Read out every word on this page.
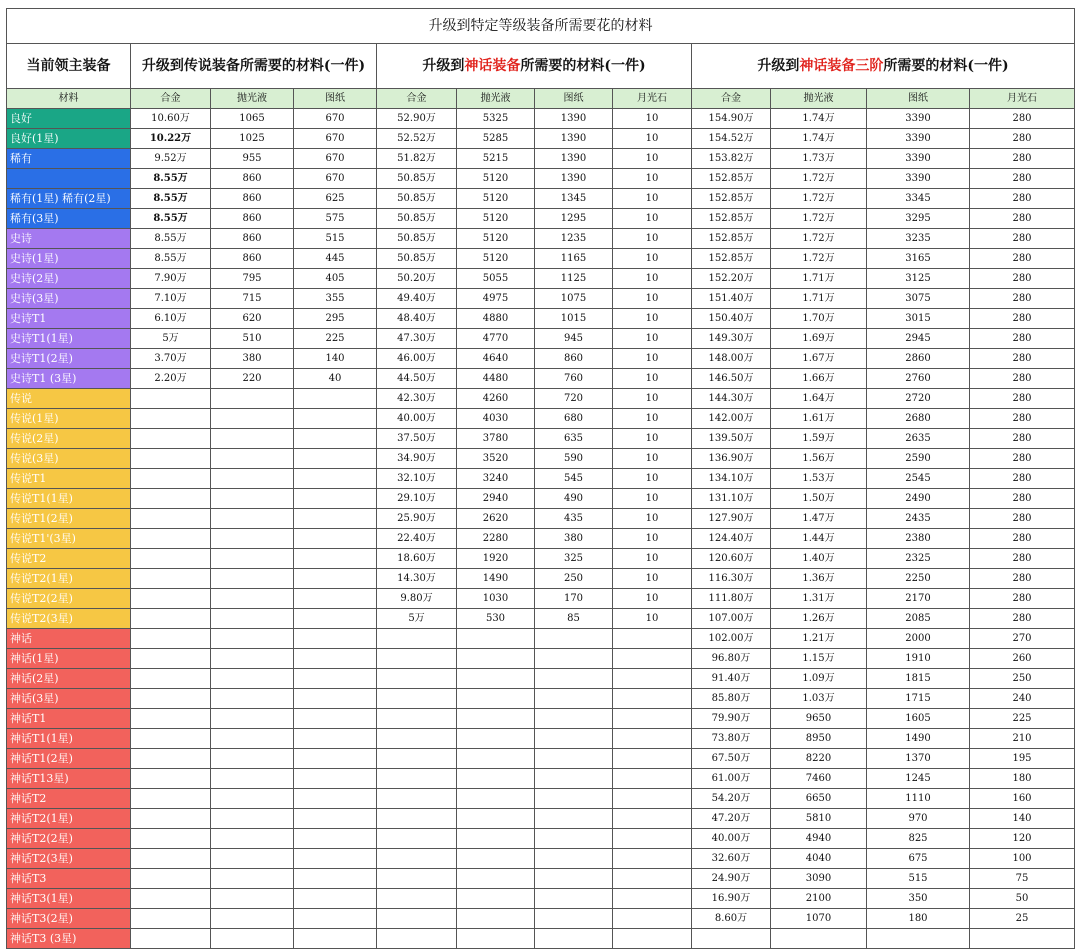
升级到特定等级装备所需要花的材料											
当前领主装备	升级到传说装备所需要的材料(一件)			升级到神话装备所需要的材料(一件)				升级到神话装备三阶所需要的材料(一件)			
材料	合金	抛光液	图纸	合金	抛光液	图纸	月光石	合金	抛光液	图纸	月光石
良好	10.60万	1065	670	52.90万	5325	1390	10	154.90万	1.74万	3390	280
良好(1星)	10.22万	1025	670	52.52万	5285	1390	10	154.52万	1.74万	3390	280
稀有	9.52万	955	670	51.82万	5215	1390	10	153.82万	1.73万	3390	280
	8.55万	860	670	50.85万	5120	1390	10	152.85万	1.72万	3390	280
稀有(1星) 稀有(2星)	8.55万	860	625	50.85万	5120	1345	10	152.85万	1.72万	3345	280
稀有(3星)	8.55万	860	575	50.85万	5120	1295	10	152.85万	1.72万	3295	280
史诗	8.55万	860	515	50.85万	5120	1235	10	152.85万	1.72万	3235	280
史诗(1星)	8.55万	860	445	50.85万	5120	1165	10	152.85万	1.72万	3165	280
史诗(2星)	7.90万	795	405	50.20万	5055	1125	10	152.20万	1.71万	3125	280
史诗(3星)	7.10万	715	355	49.40万	4975	1075	10	151.40万	1.71万	3075	280
史诗T1	6.10万	620	295	48.40万	4880	1015	10	150.40万	1.70万	3015	280
史诗T1(1星)	5万	510	225	47.30万	4770	945	10	149.30万	1.69万	2945	280
史诗T1(2星)	3.70万	380	140	46.00万	4640	860	10	148.00万	1.67万	2860	280
史诗T1 (3星)	2.20万	220	40	44.50万	4480	760	10	146.50万	1.66万	2760	280
传说				42.30万	4260	720	10	144.30万	1.64万	2720	280
传说(1星)				40.00万	4030	680	10	142.00万	1.61万	2680	280
传说(2星)				37.50万	3780	635	10	139.50万	1.59万	2635	280
传说(3星)				34.90万	3520	590	10	136.90万	1.56万	2590	280
传说T1				32.10万	3240	545	10	134.10万	1.53万	2545	280
传说T1(1星)				29.10万	2940	490	10	131.10万	1.50万	2490	280
传说T1(2星)				25.90万	2620	435	10	127.90万	1.47万	2435	280
传说T1'(3星)				22.40万	2280	380	10	124.40万	1.44万	2380	280
传说T2				18.60万	1920	325	10	120.60万	1.40万	2325	280
传说T2(1星)				14.30万	1490	250	10	116.30万	1.36万	2250	280
传说T2(2星)				9.80万	1030	170	10	111.80万	1.31万	2170	280
传说T2(3星)				5万	530	85	10	107.00万	1.26万	2085	280
神话								102.00万	1.21万	2000	270
神话(1星)								96.80万	1.15万	1910	260
神话(2星)								91.40万	1.09万	1815	250
神话(3星)								85.80万	1.03万	1715	240
神话T1								79.90万	9650	1605	225
神话T1(1星)								73.80万	8950	1490	210
神话T1(2星)								67.50万	8220	1370	195
神话T13星)								61.00万	7460	1245	180
神话T2								54.20万	6650	1110	160
神话T2(1星)								47.20万	5810	970	140
神话T2(2星)								40.00万	4940	825	120
神话T2(3星)								32.60万	4040	675	100
神话T3								24.90万	3090	515	75
神话T3(1星)								16.90万	2100	350	50
神话T3(2星)								8.60万	1070	180	25
神话T3 (3星)											
